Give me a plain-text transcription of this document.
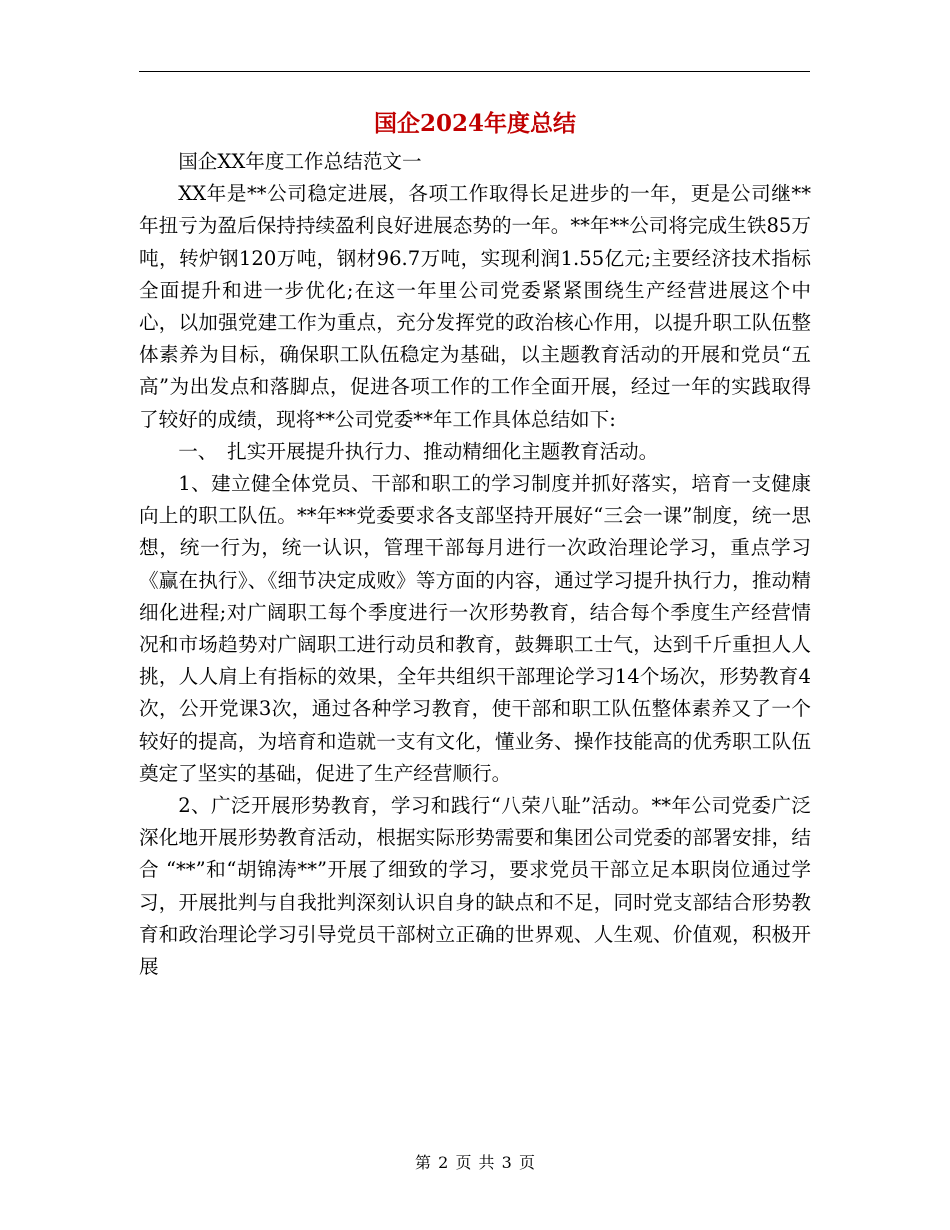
国企2024年度总结

国企XX年度工作总结范文一

XX年是**公司稳定进展，各项工作取得长足进步的一年，更是公司继**年扭亏为盈后保持持续盈利良好进展态势的一年。**年**公司将完成生铁85万吨，转炉钢120万吨，钢材96.7万吨，实现利润1.55亿元;主要经济技术指标全面提升和进一步优化;在这一年里公司党委紧紧围绕生产经营进展这个中心，以加强党建工作为重点，充分发挥党的政治核心作用，以提升职工队伍整体素养为目标，确保职工队伍稳定为基础，以主题教育活动的开展和党员“五高”为出发点和落脚点，促进各项工作的工作全面开展，经过一年的实践取得了较好的成绩，现将**公司党委**年工作具体总结如下:

一、　扎实开展提升执行力、推动精细化主题教育活动。

1、建立健全体党员、干部和职工的学习制度并抓好落实，培育一支健康向上的职工队伍。**年**党委要求各支部坚持开展好“三会一课”制度，统一思想，统一行为，统一认识，管理干部每月进行一次政治理论学习，重点学习《赢在执行》、《细节决定成败》等方面的内容，通过学习提升执行力，推动精细化进程;对广阔职工每个季度进行一次形势教育，结合每个季度生产经营情况和市场趋势对广阔职工进行动员和教育，鼓舞职工士气，达到千斤重担人人挑，人人肩上有指标的效果，全年共组织干部理论学习14个场次，形势教育4次，公开党课3次，通过各种学习教育，使干部和职工队伍整体素养又了一个较好的提高，为培育和造就一支有文化，懂业务、操作技能高的优秀职工队伍奠定了坚实的基础，促进了生产经营顺行。

2、广泛开展形势教育，学习和践行“八荣八耻”活动。**年公司党委广泛深化地开展形势教育活动，根据实际形势需要和集团公司党委的部署安排，结合 “**”和“胡锦涛**”开展了细致的学习，要求党员干部立足本职岗位通过学习，开展批判与自我批判深刻认识自身的缺点和不足，同时党支部结合形势教育和政治理论学习引导党员干部树立正确的世界观、人生观、价值观，积极开展

第 2 页 共 3 页
